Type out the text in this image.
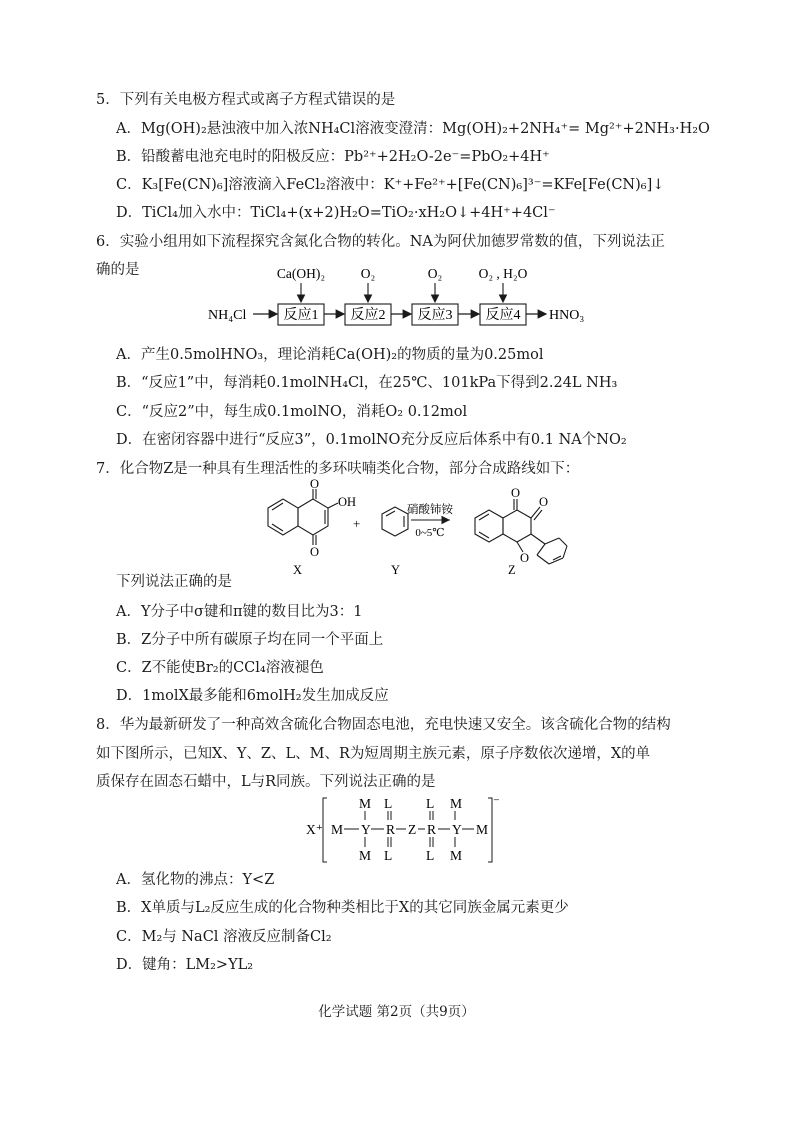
5．下列有关电极方程式或离子方程式错误的是
A．Mg(OH)₂悬浊液中加入浓NH₄Cl溶液变澄清：Mg(OH)₂+2NH₄⁺= Mg²⁺+2NH₃·H₂O
B．铅酸蓄电池充电时的阳极反应：Pb²⁺+2H₂O-2e⁻=PbO₂+4H⁺
C．K₃[Fe(CN)₆]溶液滴入FeCl₂溶液中：K⁺+Fe²⁺+[Fe(CN)₆]³⁻=KFe[Fe(CN)₆]↓
D．TiCl₄加入水中：TiCl₄+(x+2)H₂O=TiO₂·xH₂O↓+4H⁺+4Cl⁻
6．实验小组用如下流程探究含氮化合物的转化。NA为阿伏加德罗常数的值，下列说法正
确的是
NH₄Cl	反应1 反应2 反应3 反应4 HNO₃
Ca(OH)₂	O₂	O₂	O₂ , H₂O
A．产生0.5molHNO₃，理论消耗Ca(OH)₂的物质的量为0.25mol
B．“反应1”中，每消耗0.1molNH₄Cl，在25℃、101kPa下得到2.24L NH₃
C．“反应2”中，每生成0.1molNO，消耗O₂ 0.12mol
D．在密闭容器中进行“反应3”，0.1molNO充分反应后体系中有0.1 NA个NO₂
7．化合物Z是一种具有生理活性的多环呋喃类化合物，部分合成路线如下：
OH
O
O
O
O
O
+
硝酸铈铵
0~5℃
X	Y	Z
下列说法正确的是
A．Y分子中σ键和π键的数目比为3：1
B．Z分子中所有碳原子均在同一个平面上
C．Z不能使Br₂的CCl₄溶液褪色
D．1molX最多能和6molH₂发生加成反应
8．华为最新研发了一种高效含硫化合物固态电池，充电快速又安全。该含硫化合物的结构
如下图所示，已知X、Y、Z、L、M、R为短周期主族元素，原子序数依次递增，X的单
质保存在固态石蜡中，L与R同族。下列说法正确的是
X⁺ M Y R Z R Y M
M L	L M
M L	L M
⁻
A．氢化物的沸点：Y<Z
B．X单质与L₂反应生成的化合物种类相比于X的其它同族金属元素更少
C．M₂与 NaCl 溶液反应制备Cl₂
D．键角：LM₂>YL₂
化学试题 第2页（共9页）
